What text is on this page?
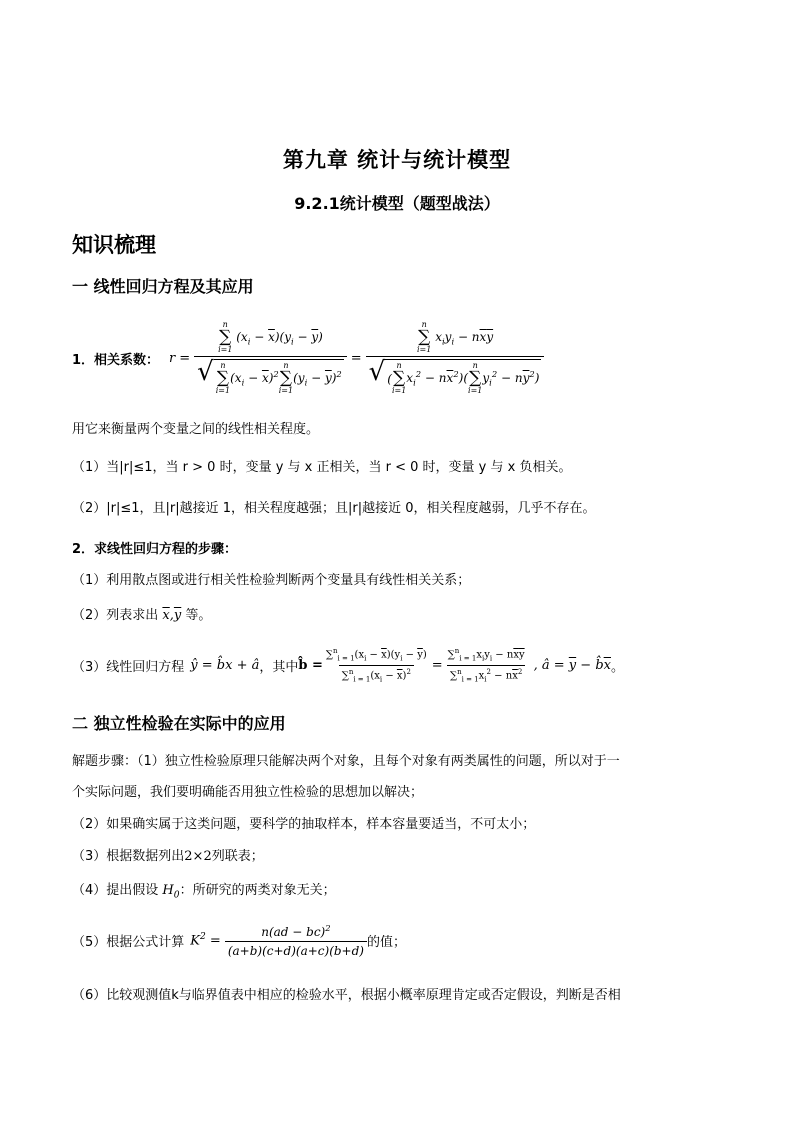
第九章 统计与统计模型
9.2.1统计模型（题型战法）
知识梳理
一 线性回归方程及其应用
1．相关系数： r =
n
∑
i=1
$(x_i - \overline{x})(y_i - \overline{y})$
√ n
∑
i=1
$(x_i - \overline{x})^2$
n
∑
i=1
$(y_i - \overline{y})^2$
=
n
∑
i=1
$x_iy_i - n\overline{x}\overline{y}$
√ (
n
∑
i=1
$x_i^2 - n\overline{x}^2$)(
n
∑
i=1
$y_i^2 - n\overline{y}^2$)
用它来衡量两个变量之间的线性相关程度。
（1）当|r|≤1，当 r > 0 时，变量 y 与 x 正相关，当 r < 0 时，变量 y 与 x 负相关。
（2）|r|≤1，且|r|越接近 1，相关程度越强；且|r|越接近 0，相关程度越弱，几乎不存在。
2．求线性回归方程的步骤：
（1）利用散点图或进行相关性检验判断两个变量具有线性相关关系；
（2）列表求出 $\overline{x},\overline{y}$ 等。
（3）线性回归方程 ŷ = b̂x + â ，其中 b̂ = $\frac{\sum^n_{i = 1}(x_i - \overline{x})(y_i - \overline{y})}{\sum^n_{i = 1}(x_i - \overline{x})^2} = \frac{\sum^n_{i = 1}x_iy_i - n\overline{x}\overline{y}}{\sum^n_{i = 1}x_i^2 - n\overline{x}^2}$ , â = $\overline{y}$ − $b̂\overline{x}$ 。
二 独立性检验在实际中的应用
解题步骤：（1）独立性检验原理只能解决两个对象，且每个对象有两类属性的问题，所以对于一
个实际问题，我们要明确能否用独立性检验的思想加以解决；
（2）如果确实属于这类问题，要科学的抽取样本，样本容量要适当，不可太小；
（3）根据数据列出2×2列联表；
（4）提出假设 $H_0$：所研究的两类对象无关；
（5）根据公式计算 $K^2 = \frac{n(ad - bc)^2}{(a+b)(c+d)(a+c)(b+d)}$ 的值；
（6）比较观测值k与临界值表中相应的检验水平，根据小概率原理肯定或否定假设，判断是否相
